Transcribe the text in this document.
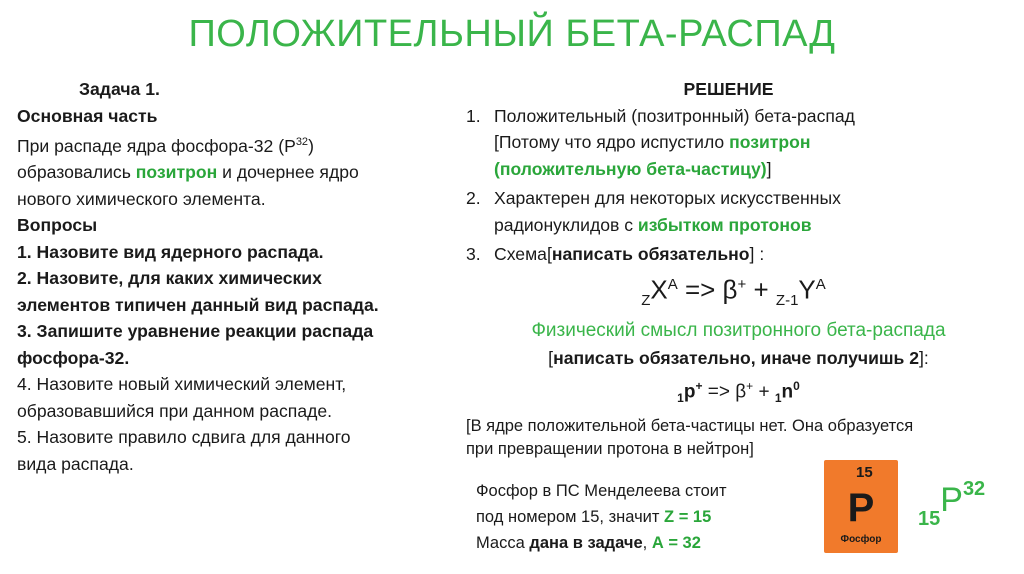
ПОЛОЖИТЕЛЬНЫЙ БЕТА-РАСПАД
Задача 1.

Основная часть

При распаде ядра фосфора-32 $(Р^{32})$

образовались позитрон и дочернее ядро

нового химического элемента.

Вопросы

1. Назовите вид ядерного распада.

2. Назовите, для каких химических

элементов типичен данный вид распада.

3. Запишите уравнение реакции распада

фосфора-32.

4. Назовите новый химический элемент,

образовавшийся при данном распаде.

5. Назовите правило сдвига для данного

вида распада.

РЕШЕНИЕ
1. Положительный (позитронный) бета-распад
[Потому что ядро испустило позитрон
(положительную бета-частицу)]
2. Характерен для некоторых искусственных
радионуклидов с избытком протонов
3. Схема[написать обязательно] :
$_ZX^A => \beta^+ + _{Z-1}Y^A$
Физический смысл позитронного бета-распада
[написать обязательно, иначе получишь 2]:
$_1p^+ => \beta^+ + _1n^0$
[В ядре положительной бета-частицы нет. Она образуется
при превращении протона в нейтрон]
Фосфор в ПС Менделеева стоит
под номером 15, значит Z = 15
Масса дана в задаче, А = 32
15
P
Фосфор
$_{15}P^{32}$
